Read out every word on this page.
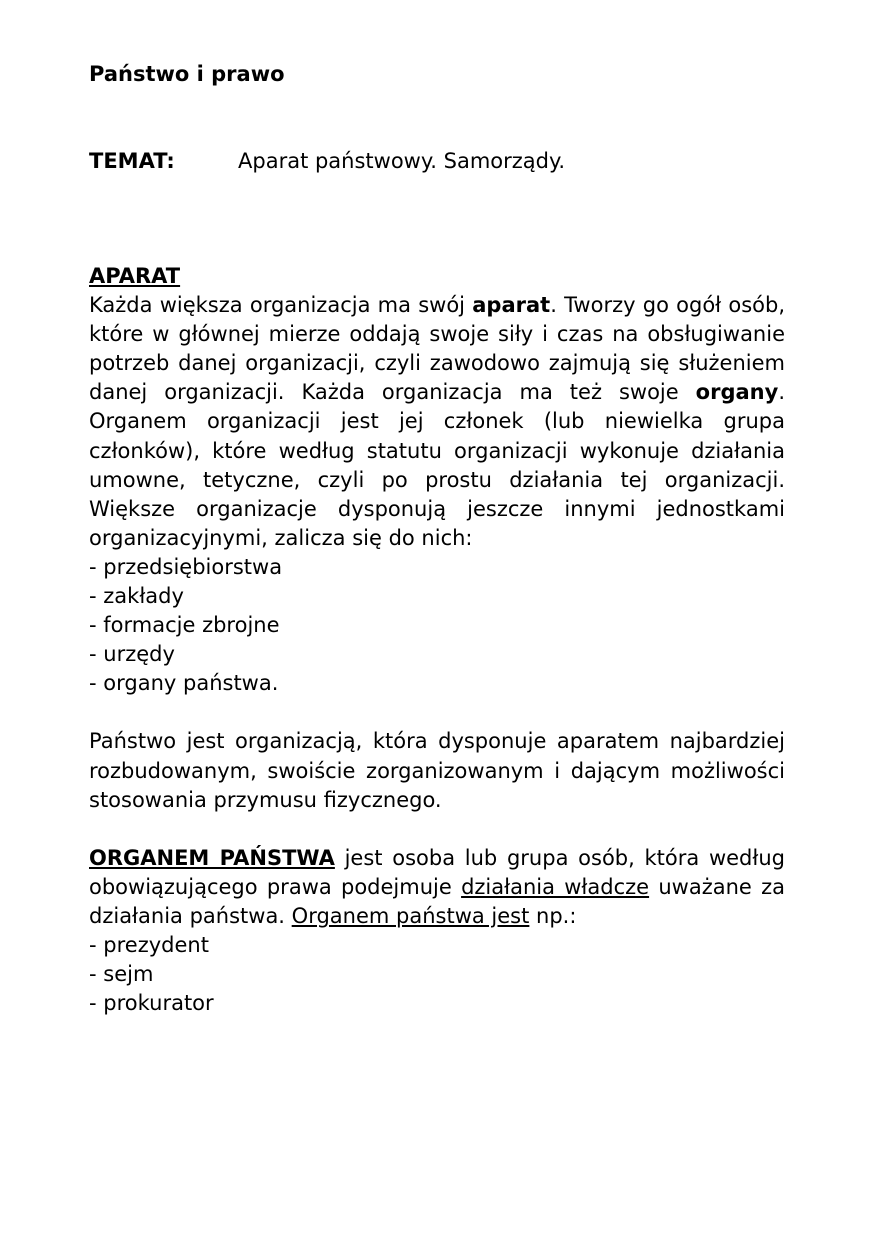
Państwo i prawo
TEMAT:	Aparat państwowy. Samorządy.
APARAT
Każda większa organizacja ma swój aparat. Tworzy go ogół osób, które w głównej mierze oddają swoje siły i czas na obsługiwanie potrzeb danej organizacji, czyli zawodowo zajmują się służeniem danej organizacji. Każda organizacja ma też swoje organy. Organem organizacji jest jej członek (lub niewielka grupa członków), które według statutu organizacji wykonuje działania umowne, tetyczne, czyli po prostu działania tej organizacji. Większe organizacje dysponują jeszcze innymi jednostkami organizacyjnymi, zalicza się do nich:
- przedsiębiorstwa
- zakłady
- formacje zbrojne
- urzędy
- organy państwa.
Państwo jest organizacją, która dysponuje aparatem najbardziej rozbudowanym, swoiście zorganizowanym i dającym możliwości stosowania przymusu fizycznego.
ORGANEM PAŃSTWA jest osoba lub grupa osób, która według obowiązującego prawa podejmuje działania władcze uważane za działania państwa. Organem państwa jest np.:
- prezydent
- sejm
- prokurator
